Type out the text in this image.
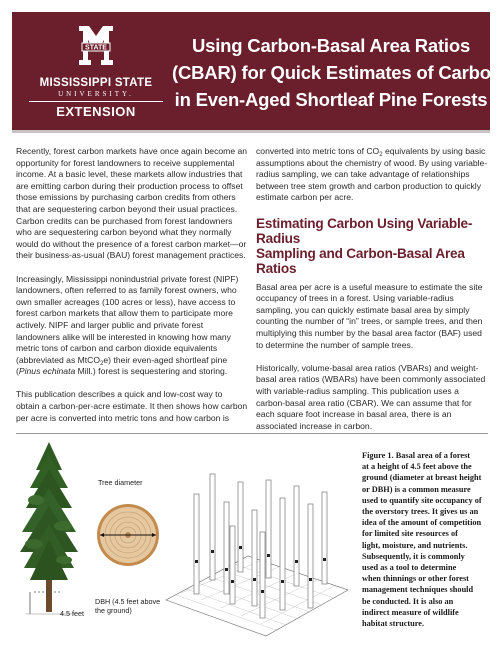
STATE
MISSISSIPPI STATE
UNIVERSITY.
EXTENSION
Using Carbon-Basal Area Ratios
(CBAR) for Quick Estimates of Carbon
in Even-Aged Shortleaf Pine Forests

Recently, forest carbon markets have once again become an opportunity for forest landowners to receive supplemental income. At a basic level, these markets allow industries that are emitting carbon during their production process to offset those emissions by purchasing carbon credits from others that are sequestering carbon beyond their usual practices. Carbon credits can be purchased from forest landowners who are sequestering carbon beyond what they normally would do without the presence of a forest carbon market—or their business-as-usual (BAU) forest management practices.

Increasingly, Mississippi nonindustrial private forest (NIPF) landowners, often referred to as family forest owners, who own smaller acreages (100 acres or less), have access to forest carbon markets that allow them to participate more actively. NIPF and larger public and private forest landowners alike will be interested in knowing how many metric tons of carbon and carbon dioxide equivalents (abbreviated as MtCO$_2$e) their even-aged shortleaf pine (Pinus echinata Mill.) forest is sequestering and storing.

This publication describes a quick and low-cost way to obtain a carbon-per-acre estimate. It then shows how carbon per acre is converted into metric tons and how carbon is

converted into metric tons of $CO_2$ equivalents by using basic assumptions about the chemistry of wood. By using variable- radius sampling, we can take advantage of relationships between tree stem growth and carbon production to quickly estimate carbon per acre.

Estimating Carbon Using Variable-Radius
Sampling and Carbon-Basal Area Ratios

Basal area per acre is a useful measure to estimate the site occupancy of trees in a forest. Using variable-radius sampling, you can quickly estimate basal area by simply counting the number of “in” trees, or sample trees, and then multiplying this number by the basal area factor (BAF) used to determine the number of sample trees.

Historically, volume-basal area ratios (VBARs) and weight- basal area ratios (WBARs) have been commonly associated with variable-radius sampling. This publication uses a carbon-basal area ratio (CBAR). We can assume that for each square foot increase in basal area, there is an associated increase in carbon.

Tree diameter
DBH (4.5 feet above
the ground)
4.5 feet
Figure 1. Basal area of a forest
at a height of 4.5 feet above the
ground (diameter at breast height
or DBH) is a common measure
used to quantify site occupancy of
the overstory trees. It gives us an
idea of the amount of competition
for limited site resources of
light, moisture, and nutrients.
Subsequently, it is commonly
used as a tool to determine
when thinnings or other forest
management techniques should
be conducted. It is also an
indirect measure of wildlife
habitat structure.
